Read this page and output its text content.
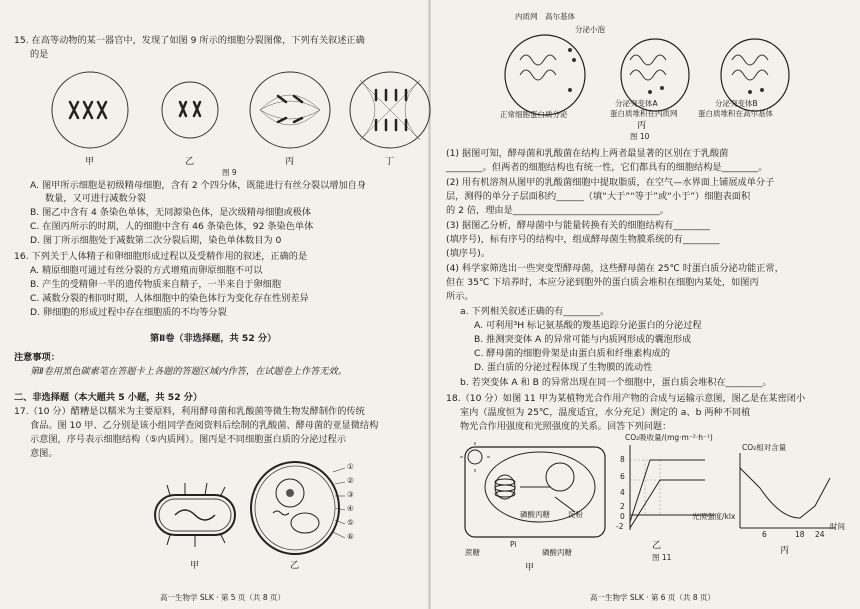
15. 在高等动物的某一器官中，发现了如图 9 所示的细胞分裂图像，下列有关叙述正确
的是
甲	乙	丙	丁
图 9
A. 图甲所示细胞是初级精母细胞，含有 2 个四分体，既能进行有丝分裂以增加自身
数量，又可进行减数分裂
B. 图乙中含有 4 条染色单体，无同源染色体，是次级精母细胞或极体
C. 在图丙所示的时期，人的细胞中含有 46 条染色体，92 条染色单体
D. 图丁所示细胞处于减数第二次分裂后期，染色单体数目为 0
16. 下列关于人体精子和卵细胞形成过程以及受精作用的叙述，正确的是
A. 精原细胞可通过有丝分裂的方式增殖而卵原细胞不可以
B. 产生的受精卵一半的遗传物质来自精子，一半来自于卵细胞
C. 减数分裂的相同时期，人体细胞中的染色体行为变化存在性别差异
D. 卵细胞的形成过程中存在细胞质的不均等分裂
第Ⅱ卷（非选择题，共 52 分）
注意事项：
第Ⅱ卷用黑色碳素笔在答题卡上各题的答题区域内作答，在试题卷上作答无效。
二、非选择题（本大题共 5 小题，共 52 分）
17.（10 分）醋糟是以糯米为主要原料，利用酵母菌和乳酸菌等微生物发酵制作的传统
食品。图 10 甲、乙分别是该小组同学查阅资料后绘制的乳酸菌、酵母菌的亚显微结构
示意图，序号表示细胞结构（⑤内质网）。图丙是不同细胞蛋白质的分泌过程示
意图。
①
②
③
④
⑤
⑥
甲	乙
高一生物学 SLK · 第 5 页（共 8 页）
内质网 高尔基体
分泌小泡
正常细胞蛋白质分泌
分泌突变体A
蛋白质堆积在内质网
分泌突变体B
蛋白质堆积在高尔基体
丙
图 10
(1) 据图可知，酵母菌和乳酸菌在结构上两者最显著的区别在于乳酸菌
________。但两者的细胞结构也有统一性，它们都具有的细胞结构是________。
(2) 用有机溶剂从图甲的乳酸菌细胞中提取脂质，在空气—水界面上铺展成单分子
层，测得的单分子层面积约______（填“大于”“等于”或“小于”）细胞表面积
的 2 倍，理由是________________________________。
(3) 据图乙分析，酵母菌中与能量转换有关的细胞结构有________
(填序号)，标有序号的结构中，组成酵母菌生物膜系统的有________
(填序号)。
(4) 科学家筛选出一些突变型酵母菌，这些酵母菌在 25℃ 时蛋白质分泌功能正常，
但在 35℃ 下培养时，本应分泌到胞外的蛋白质会堆积在细胞内某处，如图丙
所示。
a. 下列相关叙述正确的有________。
A. 可利用³H 标记氨基酸的羧基追踪分泌蛋白的分泌过程
B. 推测突变体 A 的异常可能与内质网形成的囊泡形成
C. 酵母菌的细胞骨架是由蛋白质和纤维素构成的
D. 蛋白质的分泌过程体现了生物膜的流动性
b. 若突变体 A 和 B 的异常出现在同一个细胞中，蛋白质会堆积在________。
18.（10 分）如图 11 甲为某植物光合作用产物的合成与运输示意图，图乙是在某密闭小
室内（温度恒为 25℃，温度适宜，水分充足）测定的 a、b 两种不同植
物光合作用强度和光照强度的关系。回答下列问题：
磷酸丙糖 淀粉
蔗糖
Pi
磷酸丙糖
甲
CO₂吸收量/(mg·m⁻²·h⁻¹)
光照强度/klx
8
6
4
2
0
-2
乙
图 11
CO₂相对含量
时间
6	18 24
丙
高一生物学 SLK · 第 6 页（共 8 页）
